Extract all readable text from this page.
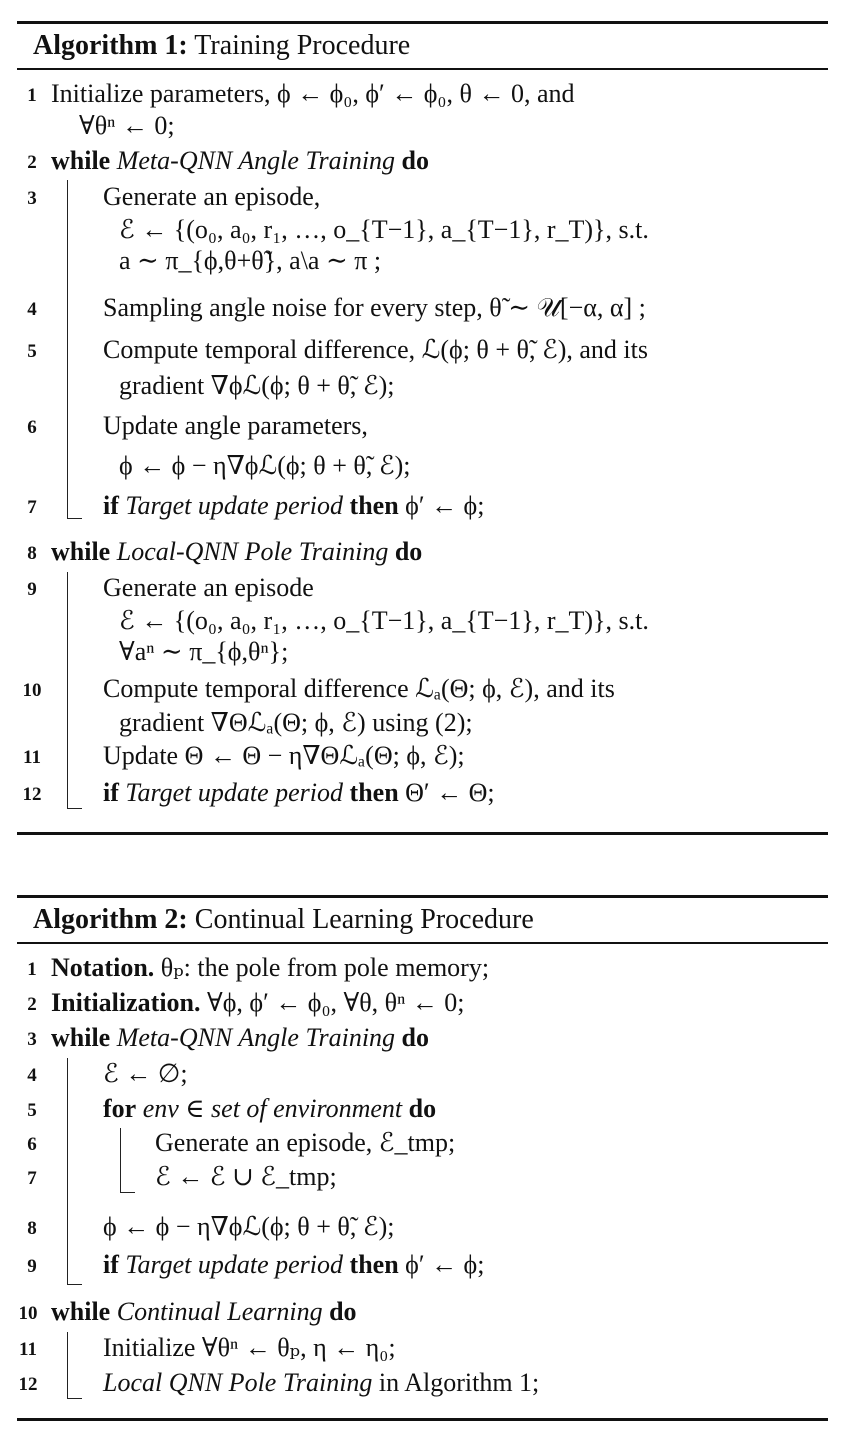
Algorithm 1: Training Procedure
1 Initialize parameters, ϕ ← ϕ₀, ϕ′ ← ϕ₀, θ ← 0, and
∀θⁿ ← 0;
2 while Meta-QNN Angle Training do
3	Generate an episode,
ℰ ← {(o₀, a₀, r₁, …, o_{T−1}, a_{T−1}, r_T)}, s.t.
a ∼ π_{ϕ,θ+θ̃}, a\a ∼ π ;
4	Sampling angle noise for every step, θ̃ ∼ 𝒰[−α, α] ;
5	Compute temporal difference, ℒ(ϕ; θ + θ̃, ℰ), and its
gradient ∇ϕℒ(ϕ; θ + θ̃, ℰ);
6	Update angle parameters,
ϕ ← ϕ − η∇ϕℒ(ϕ; θ + θ̃, ℰ);
7	if Target update period then ϕ′ ← ϕ;
8 while Local-QNN Pole Training do
9	Generate an episode
ℰ ← {(o₀, a₀, r₁, …, o_{T−1}, a_{T−1}, r_T)}, s.t.
∀aⁿ ∼ π_{ϕ,θⁿ};
10 Compute temporal difference ℒₐ(Θ; ϕ, ℰ), and its
gradient ∇Θℒₐ(Θ; ϕ, ℰ) using (2);
11 Update Θ ← Θ − η∇Θℒₐ(Θ; ϕ, ℰ);
12 if Target update period then Θ′ ← Θ;
Algorithm 2: Continual Learning Procedure
1 Notation. θₚ: the pole from pole memory;
2 Initialization. ∀ϕ, ϕ′ ← ϕ₀, ∀θ, θⁿ ← 0;
3 while Meta-QNN Angle Training do
4	ℰ ← ∅;
5	for env ∈ set of environment do
6	Generate an episode, ℰ_tmp;
7	ℰ ← ℰ ∪ ℰ_tmp;
8	ϕ ← ϕ − η∇ϕℒ(ϕ; θ + θ̃, ℰ);
9	if Target update period then ϕ′ ← ϕ;
10 while Continual Learning do
11	Initialize ∀θⁿ ← θₚ, η ← η₀;
12	Local QNN Pole Training in Algorithm 1;
